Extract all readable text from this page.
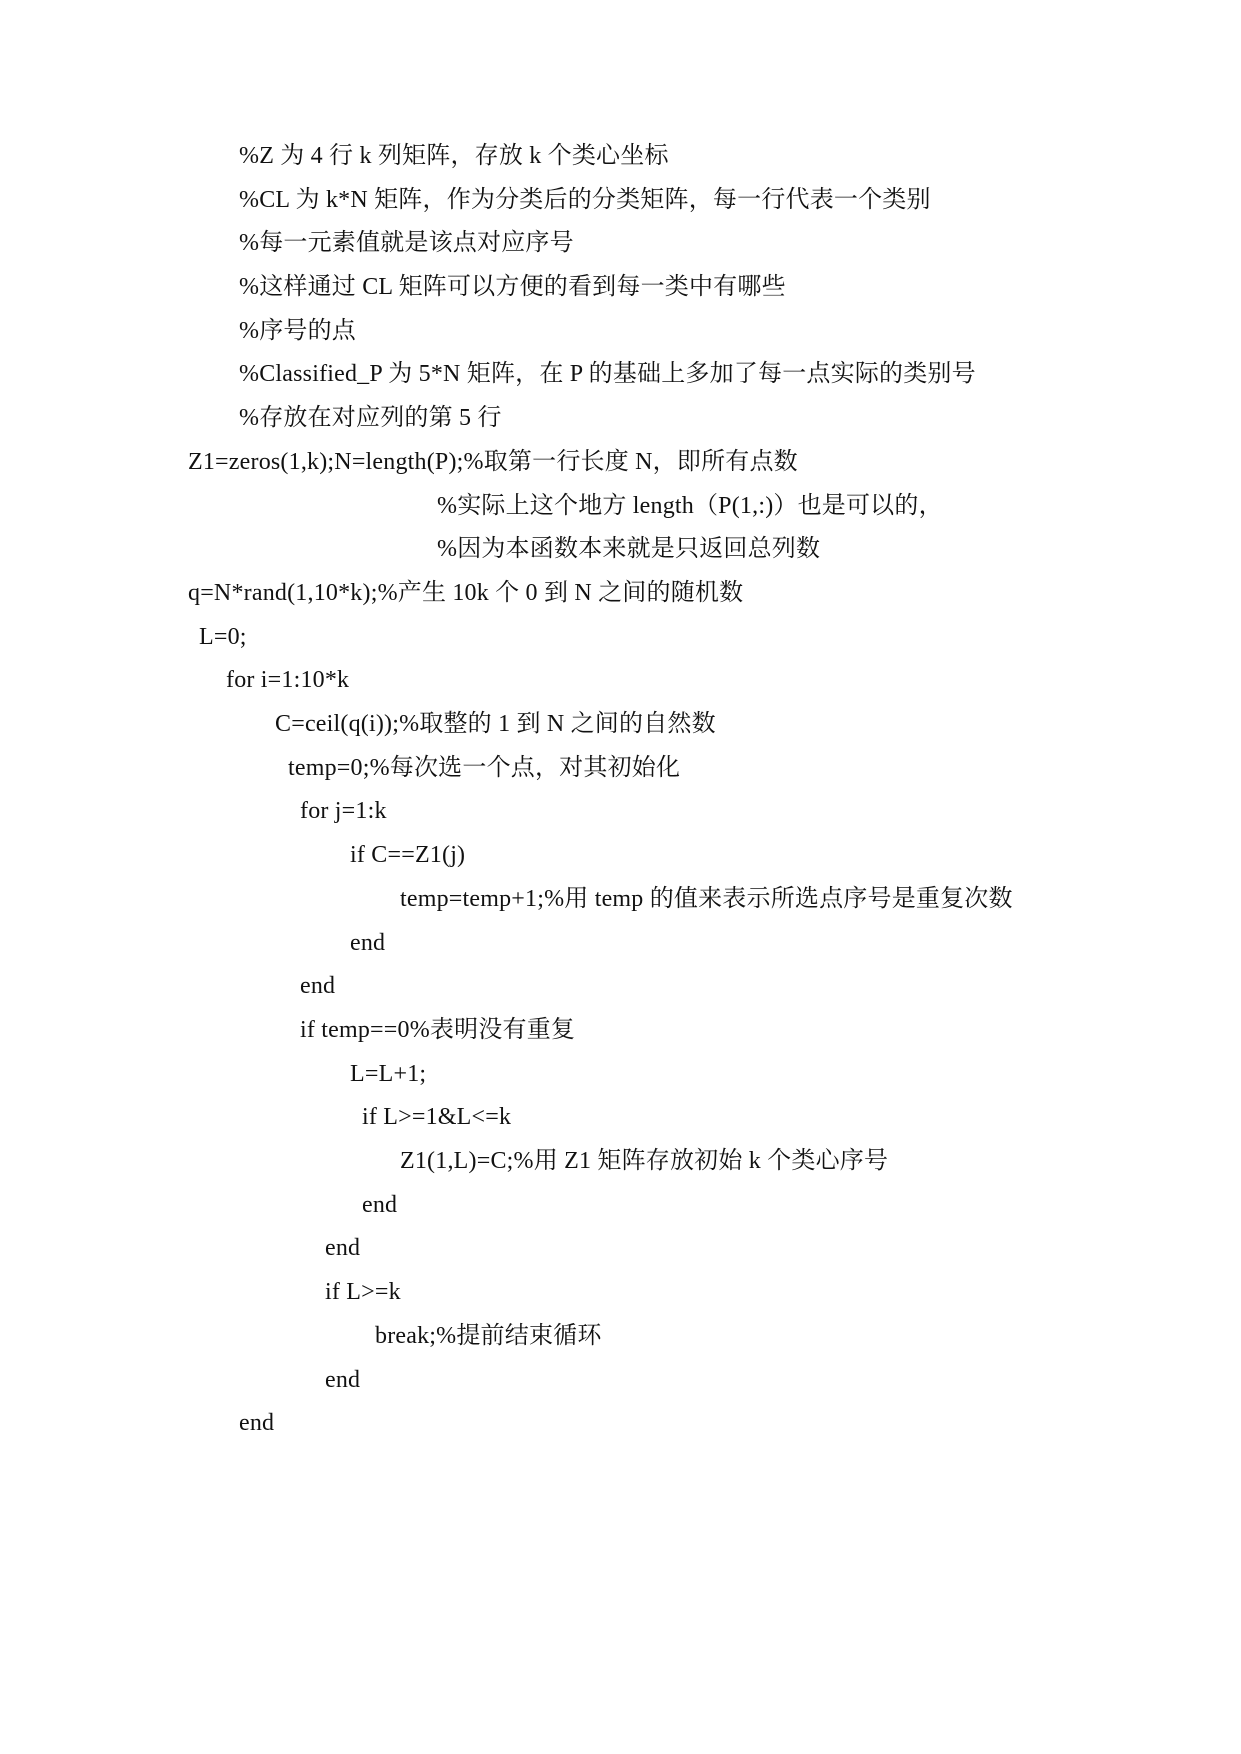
%Z 为 4 行 k 列矩阵，存放 k 个类心坐标
%CL 为 k*N 矩阵，作为分类后的分类矩阵，每一行代表一个类别
%每一元素值就是该点对应序号
%这样通过 CL 矩阵可以方便的看到每一类中有哪些
%序号的点
%Classified_P 为 5*N 矩阵，在 P 的基础上多加了每一点实际的类别号
%存放在对应列的第 5 行
Z1=zeros(1,k);N=length(P);%取第一行长度 N，即所有点数
%实际上这个地方 length（P(1,:)）也是可以的，
%因为本函数本来就是只返回总列数
q=N*rand(1,10*k);%产生 10k 个 0 到 N 之间的随机数
L=0;
for i=1:10*k
C=ceil(q(i));%取整的 1 到 N 之间的自然数
temp=0;%每次选一个点，对其初始化
for j=1:k
if C==Z1(j)
temp=temp+1;%用 temp 的值来表示所选点序号是重复次数
end
end
if temp==0%表明没有重复
L=L+1;
if L>=1&L<=k
Z1(1,L)=C;%用 Z1 矩阵存放初始 k 个类心序号
end
end
if L>=k
break;%提前结束循环
end
end
